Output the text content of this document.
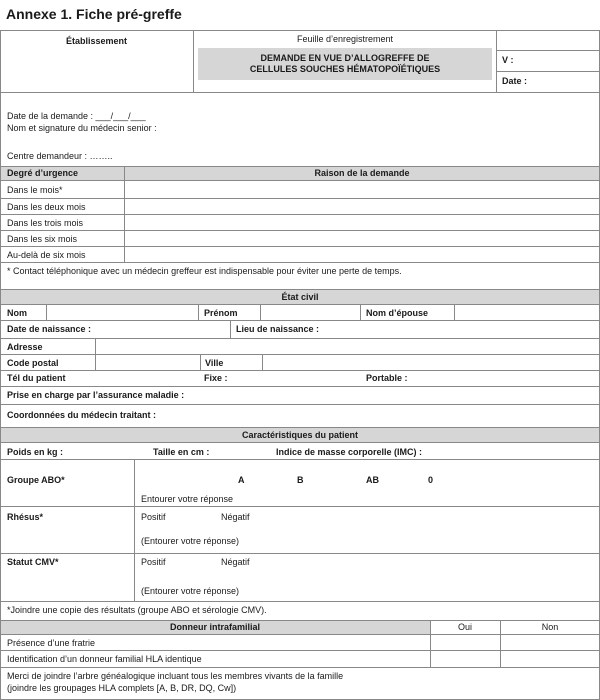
Annexe 1. Fiche pré-greffe
Établissement	Feuille d’enregistrement
DEMANDE EN VUE D’ALLOGREFFE DE
CELLULES SOUCHES HÉMATOPOÏÉTIQUES
V :
Date :
Date de la demande : ___/___/___
Nom et signature du médecin senior :
Centre demandeur : ……..
Degré d’urgence	Raison de la demande
Dans le mois*
Dans les deux mois
Dans les trois mois
Dans les six mois
Au-delà de six mois
* Contact téléphonique avec un médecin greffeur est indispensable pour éviter une perte de temps.
État civil
Nom	Prénom	Nom d’épouse
Date de naissance :	Lieu de naissance :
Adresse
Code postal	Ville
Tél du patient	Fixe :	Portable :
Prise en charge par l’assurance maladie :
Coordonnées du médecin traitant :
Caractéristiques du patient
Poids en kg :	Taille en cm :	Indice de masse corporelle (IMC) :
Groupe ABO*	A	B	AB	0
Entourer votre réponse
Rhésus*	Positif	Négatif
(Entourer votre réponse)
Statut CMV*	Positif	Négatif
(Entourer votre réponse)
*Joindre une copie des résultats (groupe ABO et sérologie CMV).
Donneur intrafamilial	Oui	Non
Présence d’une fratrie
Identification d’un donneur familial HLA identique
Merci de joindre l’arbre généalogique incluant tous les membres vivants de la famille
(joindre les groupages HLA complets [A, B, DR, DQ, Cw])
